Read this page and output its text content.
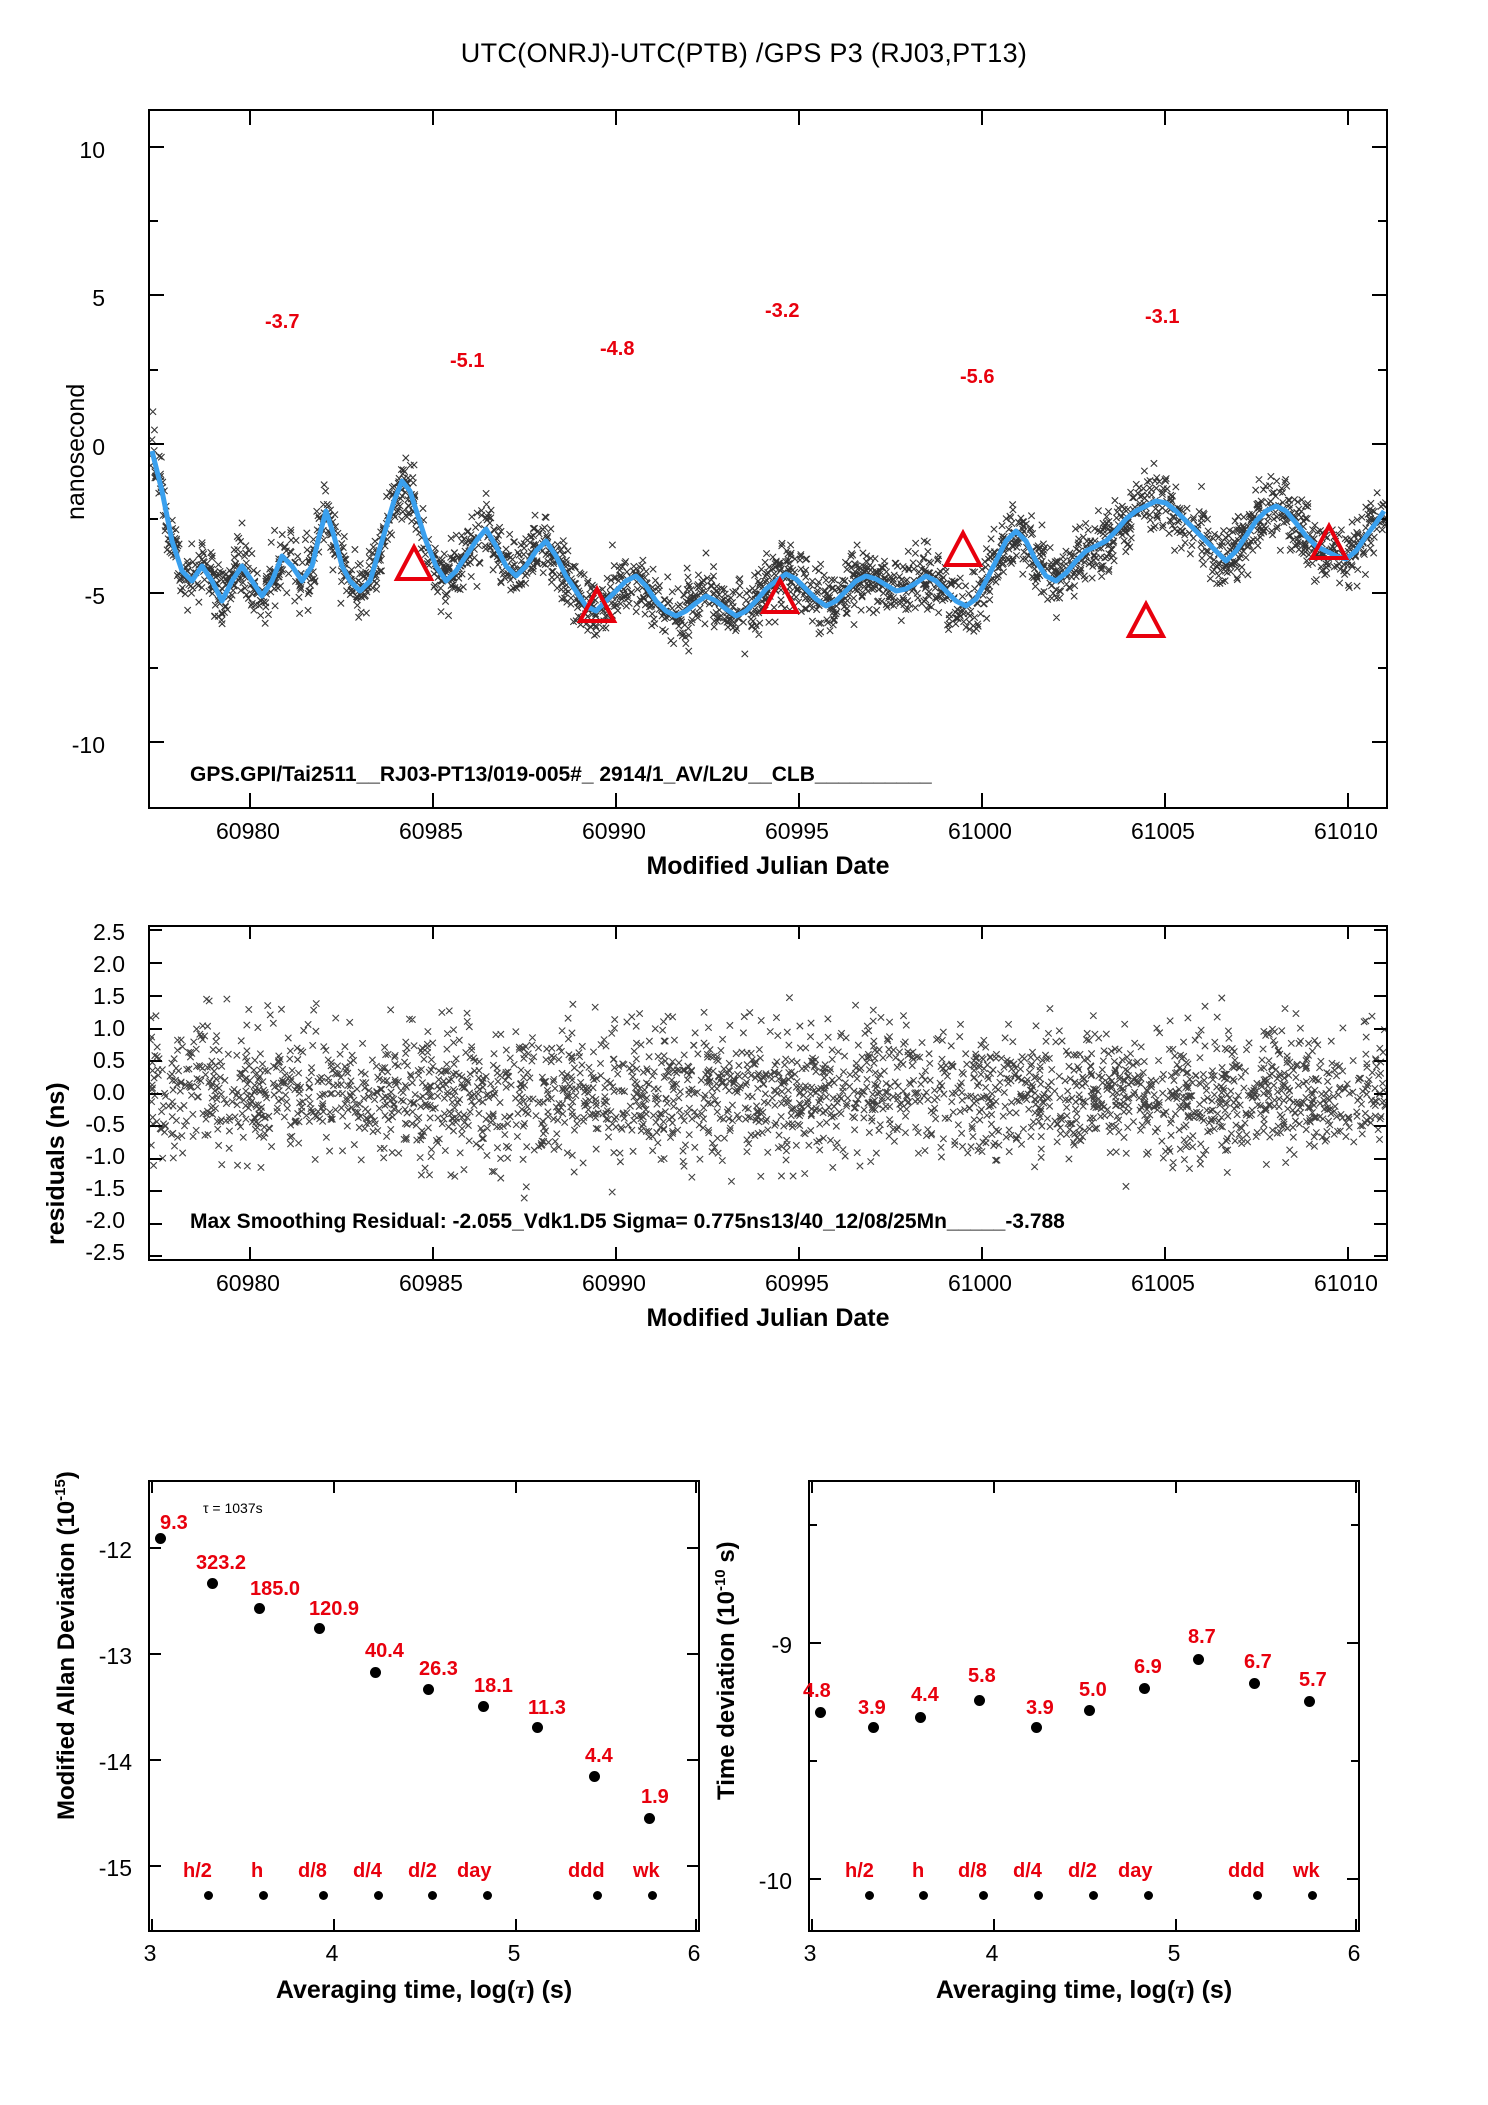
UTC(ONRJ)-UTC(PTB) /GPS P3 (RJ03,PT13)
nanosecond
10
5
0
-5
-10
-3.7
-5.1
-4.8
-3.2
-5.6
-3.1
GPS.GPI/Tai2511__RJ03-PT13/019-005#_ 2914/1_AV/L2U__CLB__________
60980	60985	60990	60995	61000	61005	61010
Modified Julian Date
residuals (ns)
2.5
2.0
1.5
1.0
0.5
0.0
-0.5
-1.0
-1.5
-2.0
-2.5
Max Smoothing Residual: -2.055_Vdk1.D5 Sigma= 0.775ns13/40_12/08/25Mn_____-3.788
60980	60985	60990	60995	61000	61005	61010
Modified Julian Date
Modified Allan Deviation $(10^{-15})$
-12
-13
-14
-15
9.3
323.2
185.0
120.9
40.4
26.3
18.1
11.3
4.4
1.9
h/2 h d/8 d/4 d/2 day	ddd wk
τ = 1037s
3	4	5	6
Averaging time, log(τ) (s)
Time deviation ($10^{-10}$ s)
-9
-10
4.8
3.9
4.4
5.8
3.9
5.0
6.9
8.7
6.7
5.7
h/2 h d/8 d/4 d/2 day	ddd wk
3	4	5	6
Averaging time, log(τ) (s)
